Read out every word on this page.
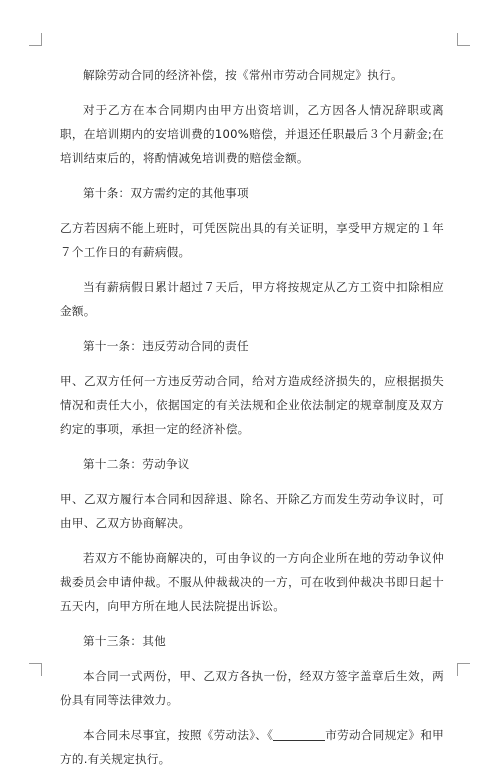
解除劳动合同的经济补偿，按《常州市劳动合同规定》执行。

对于乙方在本合同期内由甲方出资培训，乙方因各人情况辞职或离职，在培训期内的安培训费的100%赔偿，并退还任职最后３个月薪金;在培训结束后的，将酌情减免培训费的赔偿金额。

第十条：双方需约定的其他事项

乙方若因病不能上班时，可凭医院出具的有关证明，享受甲方规定的１年７个工作日的有薪病假。

当有薪病假日累计超过７天后，甲方将按规定从乙方工资中扣除相应金额。

第十一条：违反劳动合同的责任

甲、乙双方任何一方违反劳动合同，给对方造成经济损失的，应根据损失情况和责任大小，依据国定的有关法规和企业依法制定的规章制度及双方约定的事项，承担一定的经济补偿。

第十二条：劳动争议

甲、乙双方履行本合同和因辞退、除名、开除乙方而发生劳动争议时，可由甲、乙双方协商解决。

若双方不能协商解决的，可由争议的一方向企业所在地的劳动争议仲裁委员会申请仲裁。不服从仲裁裁决的一方，可在收到仲裁决书即日起十五天内，向甲方所在地人民法院提出诉讼。

第十三条：其他

本合同一式两份，甲、乙双方各执一份，经双方签字盖章后生效，两份具有同等法律效力。

本合同未尽事宜，按照《劳动法》、《	市劳动合同规定》和甲方的.有关规定执行。
